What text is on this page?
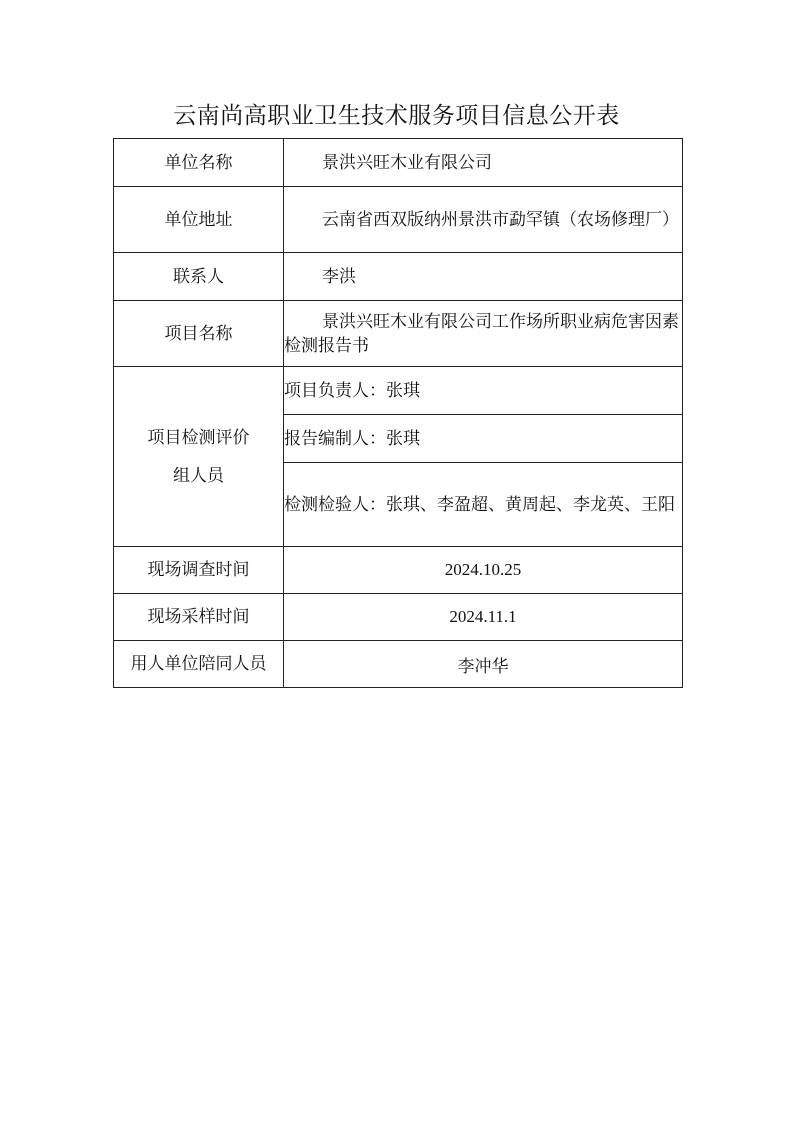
云南尚高职业卫生技术服务项目信息公开表
单位名称	景洪兴旺木业有限公司

单位地址	云南省西双版纳州景洪市勐罕镇（农场修理厂）

联系人	李洪

项目名称	景洪兴旺木业有限公司工作场所职业病危害因素检测报告书

项目检测评价
组人员	项目负责人：张琪
	报告编制人：张琪
	检测检验人：张琪、李盈超、黄周起、李龙英、王阳
现场调查时间	2024.10.25
现场采样时间	2024.11.1
用人单位陪同人员	李冲华
